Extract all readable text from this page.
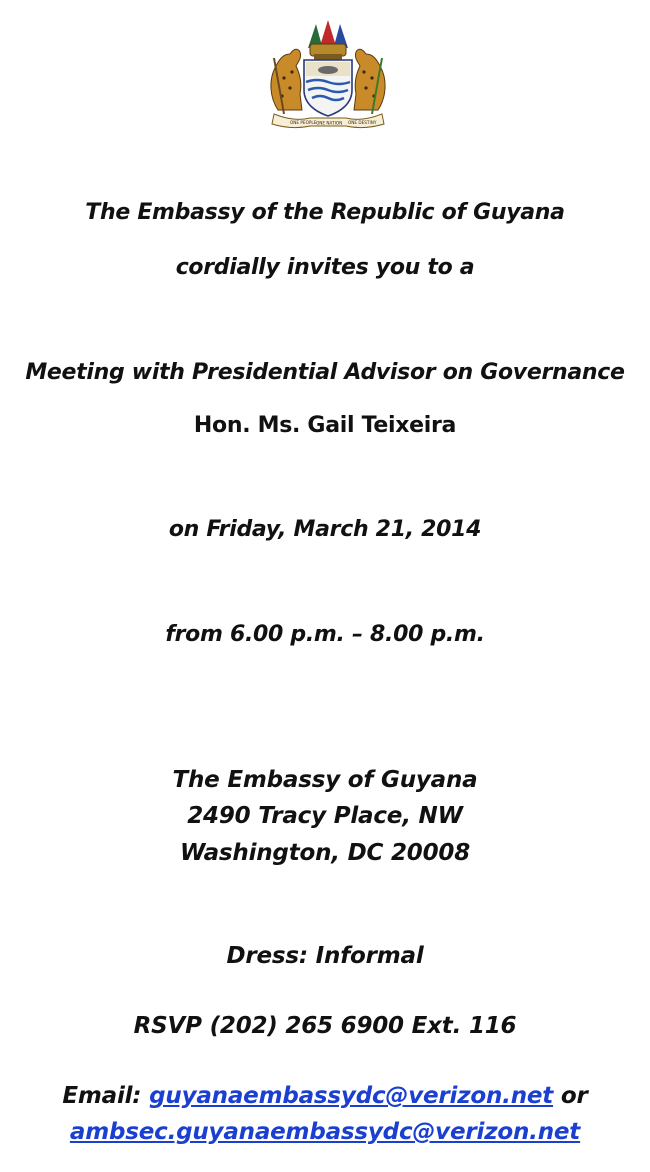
ONE PEOPLE ONE NATION ONE DESTINY
The Embassy of the Republic of Guyana
cordially invites you to a
Meeting with Presidential Advisor on Governance
Hon. Ms. Gail Teixeira
on Friday, March 21, 2014
from 6.00 p.m. – 8.00 p.m.
The Embassy of Guyana
2490 Tracy Place, NW
Washington, DC 20008
Dress: Informal
RSVP (202) 265 6900 Ext. 116
Email: guyanaembassydc@verizon.net or
ambsec.guyanaembassydc@verizon.net
